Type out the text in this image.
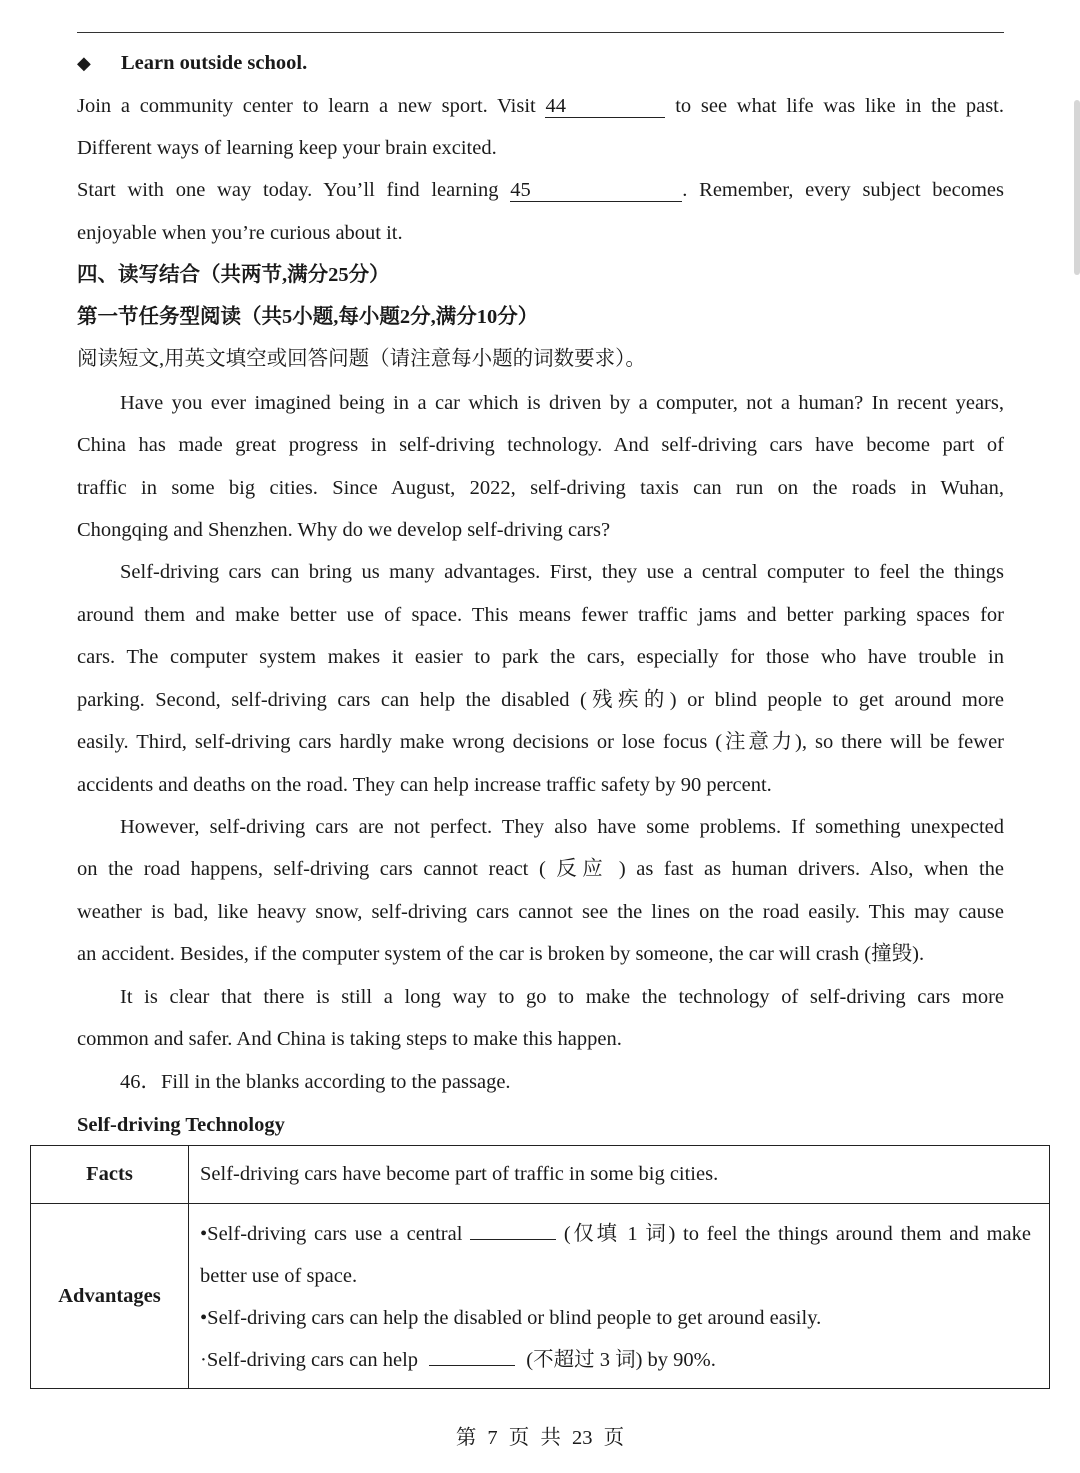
◆ Learn outside school.
Join a community center to learn a new sport. Visit 44	to see what life was like in the past.
Different ways of learning keep your brain excited.
Start with one way today. You’ll find learning 45	. Remember, every subject becomes
enjoyable when you’re curious about it.
四、读写结合（共两节,满分25分）
第一节任务型阅读（共5小题,每小题2分,满分10分）
阅读短文,用英文填空或回答问题（请注意每小题的词数要求）。
Have you ever imagined being in a car which is driven by a computer, not a human? In recent years,
China has made great progress in self-driving technology. And self-driving cars have become part of
traffic in some big cities. Since August, 2022, self-driving taxis can run on the roads in Wuhan,
Chongqing and Shenzhen. Why do we develop self-driving cars?
Self-driving cars can bring us many advantages. First, they use a central computer to feel the things
around them and make better use of space. This means fewer traffic jams and better parking spaces for
cars. The computer system makes it easier to park the cars, especially for those who have trouble in
parking. Second, self-driving cars can help the disabled (残疾的) or blind people to get around more
easily. Third, self-driving cars hardly make wrong decisions or lose focus (注意力), so there will be fewer
accidents and deaths on the road. They can help increase traffic safety by 90 percent.
However, self-driving cars are not perfect. They also have some problems. If something unexpected
on the road happens, self-driving cars cannot react ( 反应 ) as fast as human drivers. Also, when the
weather is bad, like heavy snow, self-driving cars cannot see the lines on the road easily. This may cause
an accident. Besides, if the computer system of the car is broken by someone, the car will crash (撞毁).
It is clear that there is still a long way to go to make the technology of self-driving cars more
common and safer. And China is taking steps to make this happen.
46．Fill in the blanks according to the passage.
Self-driving Technology
Facts	Self-driving cars have become part of traffic in some big cities.
Advantages	•Self-driving cars use a central (仅填 1 词) to feel the things around them and make
better use of space.
•Self-driving cars can help the disabled or blind people to get around easily.
·Self-driving cars can help (不超过 3 词) by 90%.
第 7 页 共 23 页
